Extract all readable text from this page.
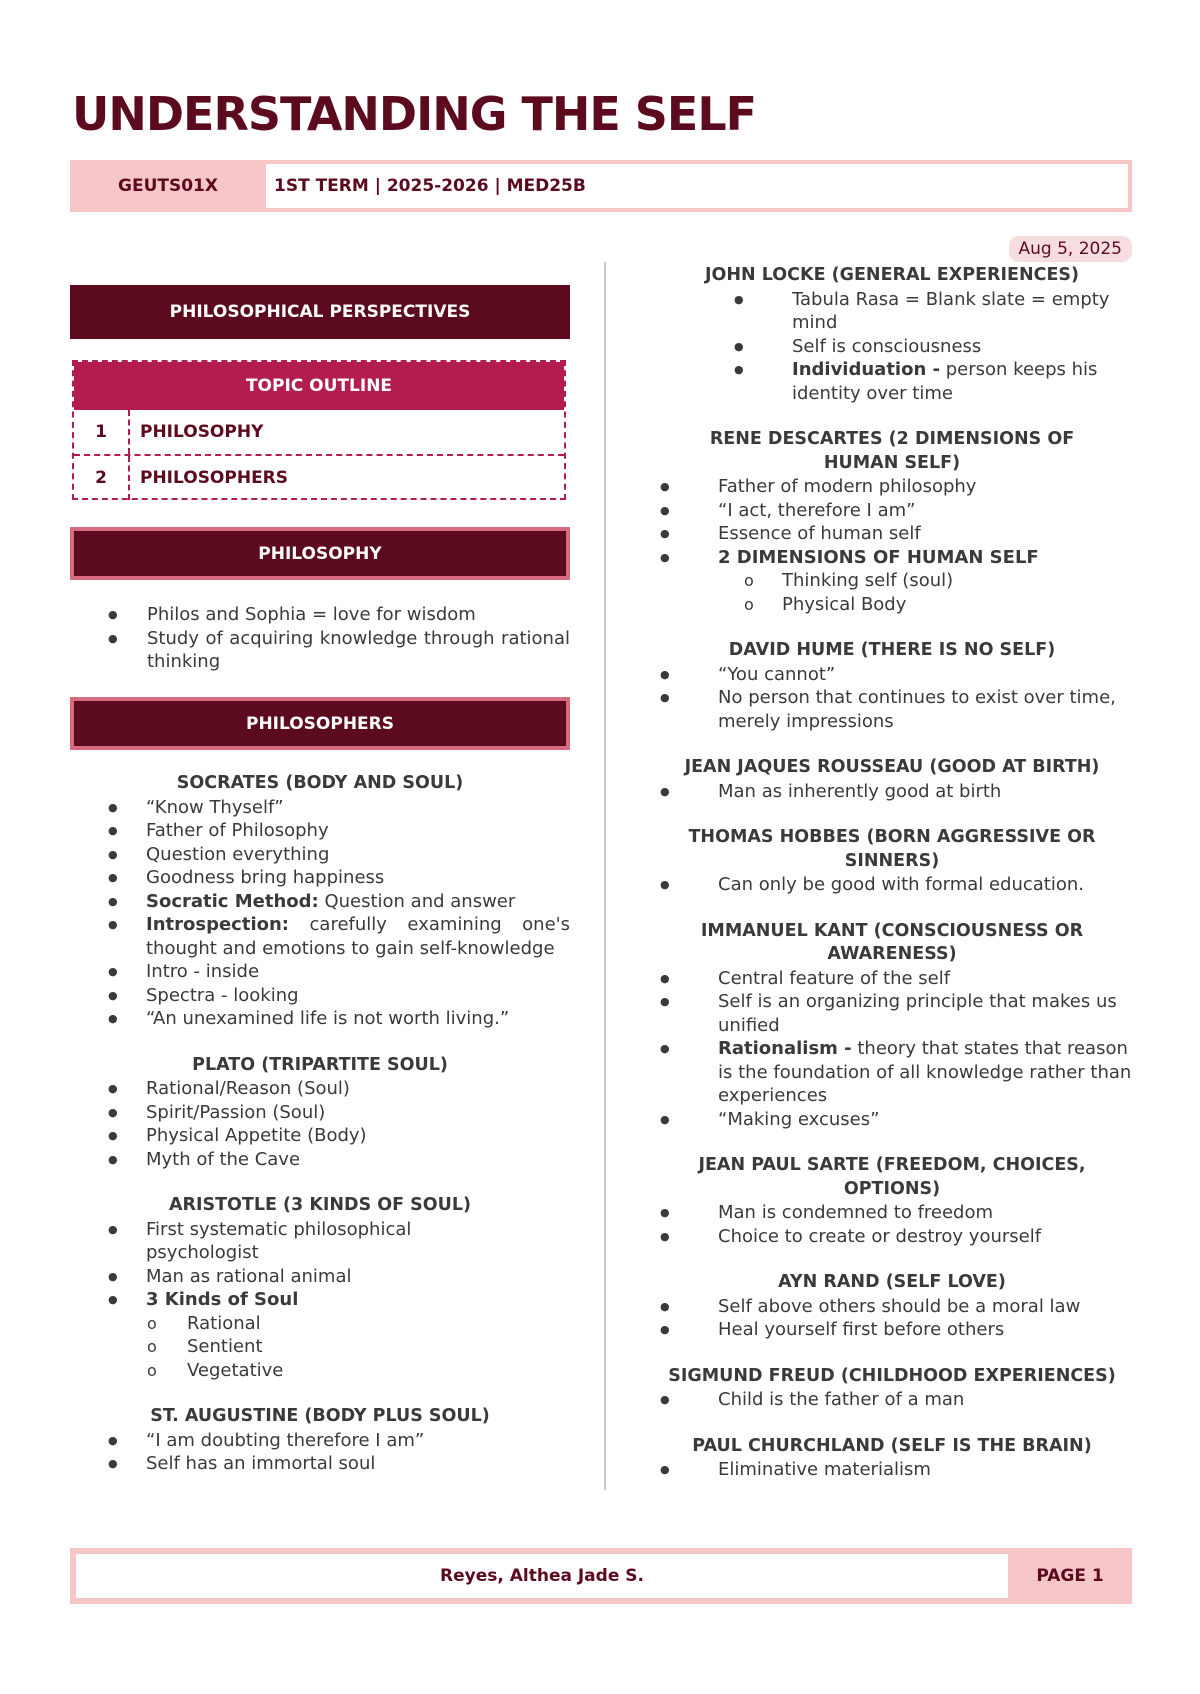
UNDERSTANDING THE SELF
GEUTS01X	1ST TERM | 2025-2026 | MED25B
Aug 5, 2025
PHILOSOPHICAL PERSPECTIVES
TOPIC OUTLINE
1	PHILOSOPHY
2	PHILOSOPHERS
PHILOSOPHY
● Philos and Sophia = love for wisdom
● Study of acquiring knowledge through rational thinking
PHILOSOPHERS
SOCRATES (BODY AND SOUL)
● “Know Thyself”
● Father of Philosophy
● Question everything
● Goodness bring happiness
● Socratic Method: Question and answer
● Introspection: carefully examining one's thought and emotions to gain self-knowledge
● Intro - inside
● Spectra - looking
● “An unexamined life is not worth living.”
PLATO (TRIPARTITE SOUL)
● Rational/Reason (Soul)
● Spirit/Passion (Soul)
● Physical Appetite (Body)
● Myth of the Cave
ARISTOTLE (3 KINDS OF SOUL)
● First systematic philosophical psychologist
● Man as rational animal
● 3 Kinds of Soul
o Rational
o Sentient
o Vegetative
ST. AUGUSTINE (BODY PLUS SOUL)
● “I am doubting therefore I am”
● Self has an immortal soul
JOHN LOCKE (GENERAL EXPERIENCES)
● Tabula Rasa = Blank slate = empty mind
● Self is consciousness
● Individuation - person keeps his identity over time
RENE DESCARTES (2 DIMENSIONS OF HUMAN SELF)
● Father of modern philosophy
● “I act, therefore I am”
● Essence of human self
● 2 DIMENSIONS OF HUMAN SELF
o Thinking self (soul)
o Physical Body
DAVID HUME (THERE IS NO SELF)
● “You cannot”
● No person that continues to exist over time, merely impressions
JEAN JAQUES ROUSSEAU (GOOD AT BIRTH)
● Man as inherently good at birth
THOMAS HOBBES (BORN AGGRESSIVE OR SINNERS)
● Can only be good with formal education.
IMMANUEL KANT (CONSCIOUSNESS OR AWARENESS)
● Central feature of the self
● Self is an organizing principle that makes us unified
● Rationalism - theory that states that reason is the foundation of all knowledge rather than experiences
● “Making excuses”
JEAN PAUL SARTE (FREEDOM, CHOICES, OPTIONS)
● Man is condemned to freedom
● Choice to create or destroy yourself
AYN RAND (SELF LOVE)
● Self above others should be a moral law
● Heal yourself first before others
SIGMUND FREUD (CHILDHOOD EXPERIENCES)
● Child is the father of a man
PAUL CHURCHLAND (SELF IS THE BRAIN)
● Eliminative materialism
Reyes, Althea Jade S.	PAGE 1
